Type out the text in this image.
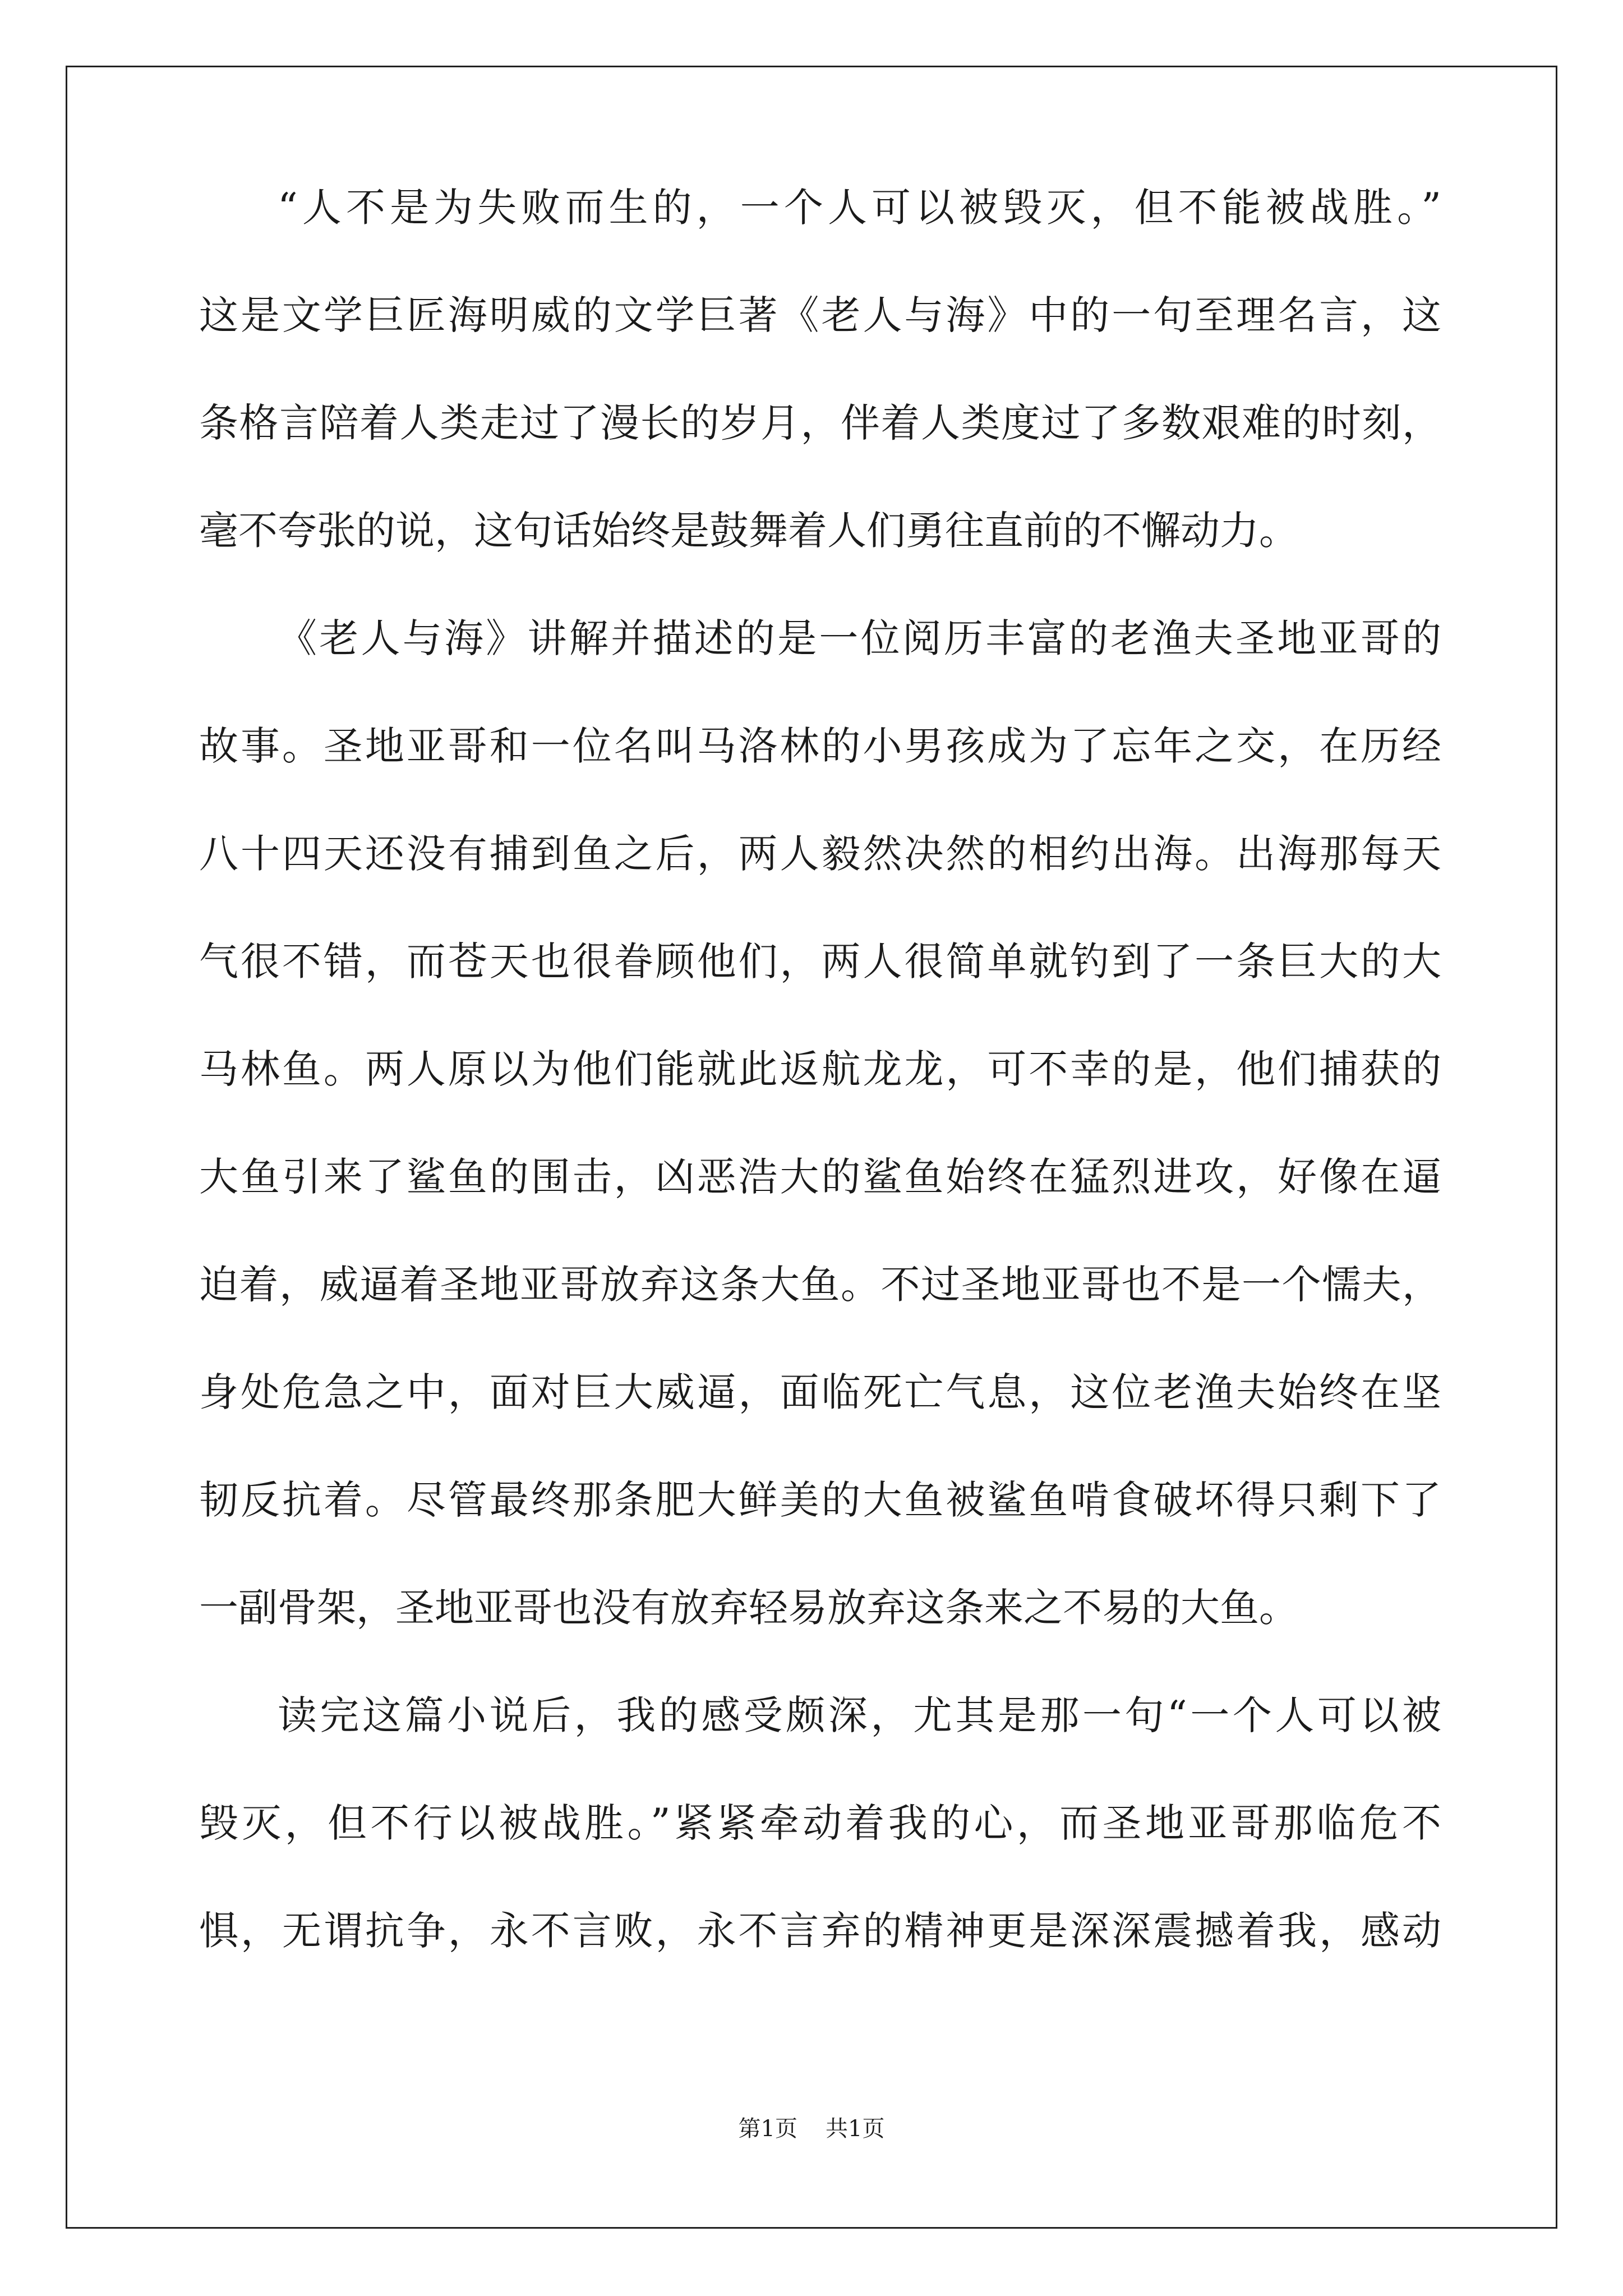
“人不是为失败而生的，一个人可以被毁灭，但不能被战胜。”
这是文学巨匠海明威的文学巨著《老人与海》中的一句至理名言，这
条格言陪着人类走过了漫长的岁月，伴着人类度过了多数艰难的时刻，
毫不夸张的说，这句话始终是鼓舞着人们勇往直前的不懈动力。
《老人与海》讲解并描述的是一位阅历丰富的老渔夫圣地亚哥的
故事。圣地亚哥和一位名叫马洛林的小男孩成为了忘年之交，在历经
八十四天还没有捕到鱼之后，两人毅然决然的相约出海。出海那每天
气很不错，而苍天也很眷顾他们，两人很简单就钓到了一条巨大的大
马林鱼。两人原以为他们能就此返航龙龙，可不幸的是，他们捕获的
大鱼引来了鲨鱼的围击，凶恶浩大的鲨鱼始终在猛烈进攻，好像在逼
迫着，威逼着圣地亚哥放弃这条大鱼。不过圣地亚哥也不是一个懦夫，
身处危急之中，面对巨大威逼，面临死亡气息，这位老渔夫始终在坚
韧反抗着。尽管最终那条肥大鲜美的大鱼被鲨鱼啃食破坏得只剩下了
一副骨架，圣地亚哥也没有放弃轻易放弃这条来之不易的大鱼。
读完这篇小说后，我的感受颇深，尤其是那一句“一个人可以被
毁灭，但不行以被战胜。”紧紧牵动着我的心，而圣地亚哥那临危不
惧，无谓抗争，永不言败，永不言弃的精神更是深深震撼着我，感动
第1页 共1页
